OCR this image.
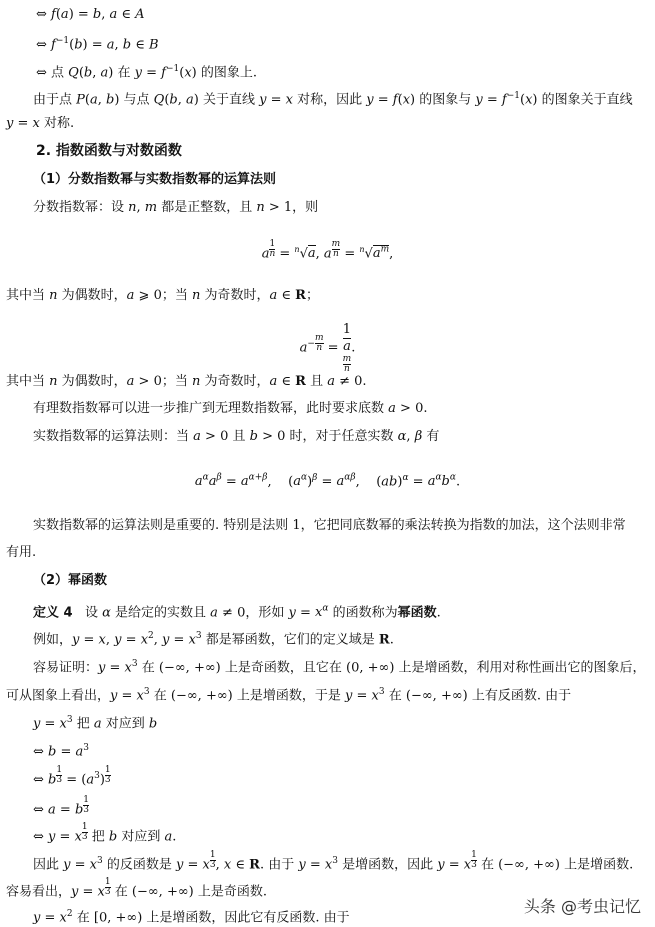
⇔ f(a) = b, a ∈ A
⇔ $f^{-1}(b) = a$, b ∈ B
⇔ 点 Q(b, a) 在 $y = f^{-1}(x)$ 的图象上.
由于点 P(a, b) 与点 Q(b, a) 关于直线 y = x 对称，因此 y = f(x) 的图象与 $y = f^{-1}(x)$ 的图象关于直线
y = x 对称.
2. 指数函数与对数函数
（1）分数指数幂与实数指数幂的运算法则
分数指数幂：设 n, m 都是正整数，且 n > 1，则
a $^{\frac{1}{n}}$ = $^n$√a, a $^{\frac{m}{n}} = ^n√a^m$,
其中当 n 为偶数时，a ⩾ 0；当 n 为奇数时，a ∈ R；
$a^{- \frac{m}{n}}$ =
1
a
$^{m n}$
.
其中当 n 为偶数时，a > 0；当 n 为奇数时，a ∈ R 且 a ≠ 0.
有理数指数幂可以进一步推广到无理数指数幂，此时要求底数 a > 0.
实数指数幂的运算法则：当 a > 0 且 b > 0 时，对于任意实数 α, β 有
$a^\alpha a^\beta = a^{\alpha+\beta}$,    $(a^\alpha)^\beta = a^{\alpha\beta}$,    $(ab)^\alpha = a^\alpha b^\alpha$.
实数指数幂的运算法则是重要的. 特别是法则 1，它把同底数幂的乘法转换为指数的加法，这个法则非常
有用.
（2）幂函数
定义 4   设 α 是给定的实数且 a ≠ 0，形如 $y = x^\alpha$ 的函数称为幂函数.
例如，y = x, $y = x^2$, $y = x^3$ 都是幂函数，它们的定义域是 R.
容易证明：$y = x^3$ 在 (−∞, +∞) 上是奇函数，且它在 (0, +∞) 上是增函数，利用对称性画出它的图象后，
可从图象上看出，$y = x^3$ 在 (−∞, +∞) 上是增函数，于是 $y = x^3$ 在 (−∞, +∞) 上有反函数. 由于
$y = x^3$ 把 a 对应到 b
⇔ $b = a^3$
⇔ b $^{\frac{1}{3}} = (a^3)$ $^{\frac{1}{3}}$
⇔ a = b $^{\frac{1}{3}}$
⇔ y = x $^{\frac{1}{3}}$ 把 b 对应到 a.
因此 $y = x^3$ 的反函数是 y = x $^{\frac{1}{3}}$ , x ∈ R. 由于 $y = x^3$ 是增函数，因此 y = x $^{\frac{1}{3}}$ 在 (−∞, +∞) 上是增函数.
容易看出，y = x $^{\frac{1}{3}}$ 在 (−∞, +∞) 上是奇函数.
$y = x^2$ 在 [0, +∞) 上是增函数，因此它有反函数. 由于
头条 @考虫记忆
